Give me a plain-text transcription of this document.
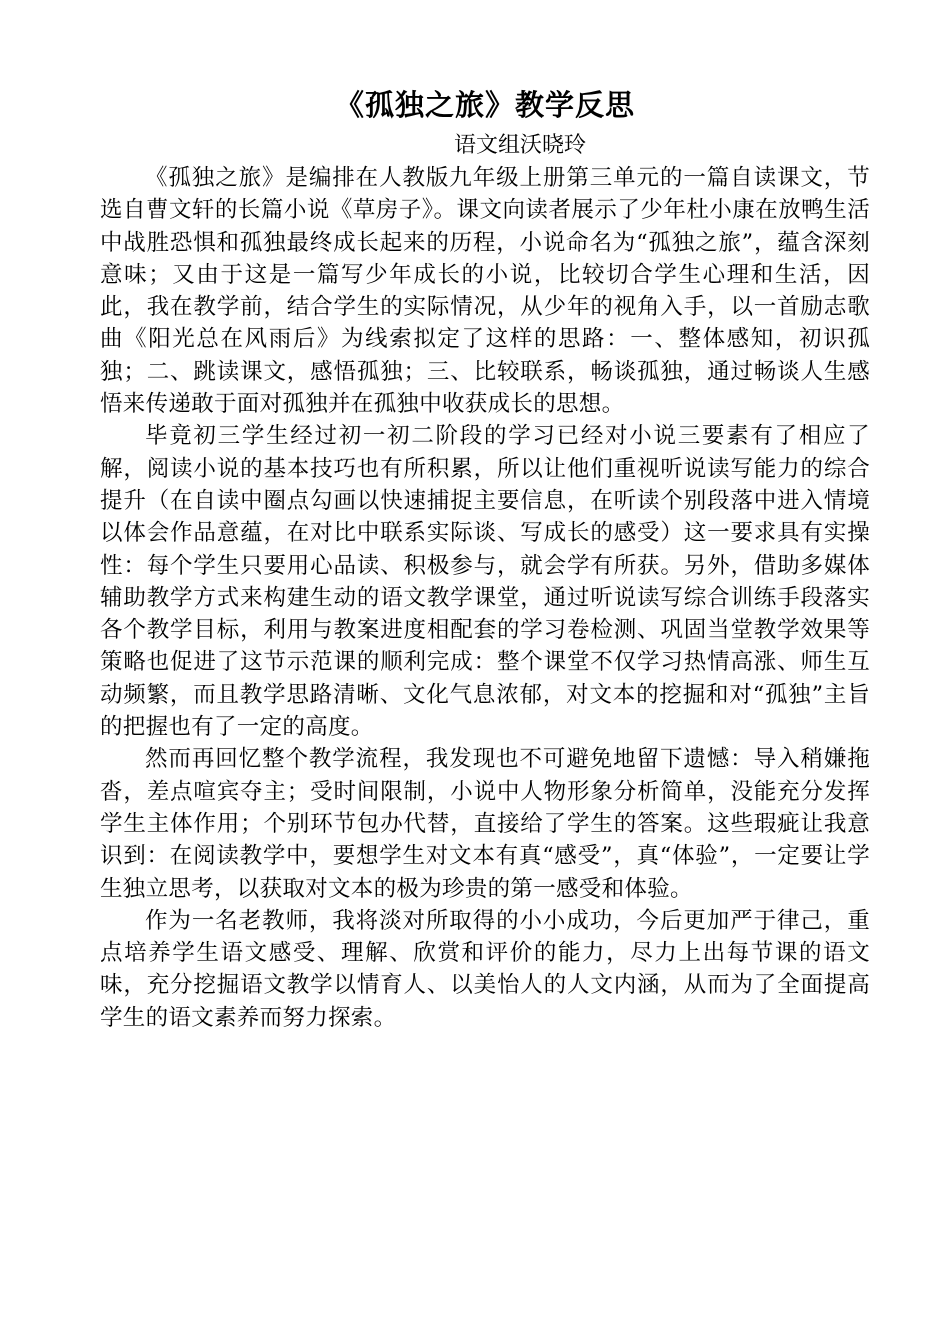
《孤独之旅》教学反思
语文组沃晓玲

《孤独之旅》是编排在人教版九年级上册第三单元的一篇自读课文，节选自曹文轩的长篇小说《草房子》。课文向读者展示了少年杜小康在放鸭生活中战胜恐惧和孤独最终成长起来的历程，小说命名为“孤独之旅”，蕴含深刻意味；又由于这是一篇写少年成长的小说，比较切合学生心理和生活，因此，我在教学前，结合学生的实际情况，从少年的视角入手，以一首励志歌曲《阳光总在风雨后》为线索拟定了这样的思路：一、整体感知，初识孤独；二、跳读课文，感悟孤独；三、比较联系，畅谈孤独，通过畅谈人生感悟来传递敢于面对孤独并在孤独中收获成长的思想。

毕竟初三学生经过初一初二阶段的学习已经对小说三要素有了相应了解，阅读小说的基本技巧也有所积累，所以让他们重视听说读写能力的综合提升（在自读中圈点勾画以快速捕捉主要信息，在听读个别段落中进入情境以体会作品意蕴，在对比中联系实际谈、写成长的感受）这一要求具有实操性：每个学生只要用心品读、积极参与，就会学有所获。另外，借助多媒体辅助教学方式来构建生动的语文教学课堂，通过听说读写综合训练手段落实各个教学目标，利用与教案进度相配套的学习卷检测、巩固当堂教学效果等策略也促进了这节示范课的顺利完成：整个课堂不仅学习热情高涨、师生互动频繁，而且教学思路清晰、文化气息浓郁，对文本的挖掘和对“孤独”主旨的把握也有了一定的高度。

然而再回忆整个教学流程，我发现也不可避免地留下遗憾：导入稍嫌拖沓，差点喧宾夺主；受时间限制，小说中人物形象分析简单，没能充分发挥学生主体作用；个别环节包办代替，直接给了学生的答案。这些瑕疵让我意识到：在阅读教学中，要想学生对文本有真“感受”，真“体验”，一定要让学生独立思考，以获取对文本的极为珍贵的第一感受和体验。

作为一名老教师，我将淡对所取得的小小成功，今后更加严于律己，重点培养学生语文感受、理解、欣赏和评价的能力，尽力上出每节课的语文味，充分挖掘语文教学以情育人、以美怡人的人文内涵，从而为了全面提高学生的语文素养而努力探索。
